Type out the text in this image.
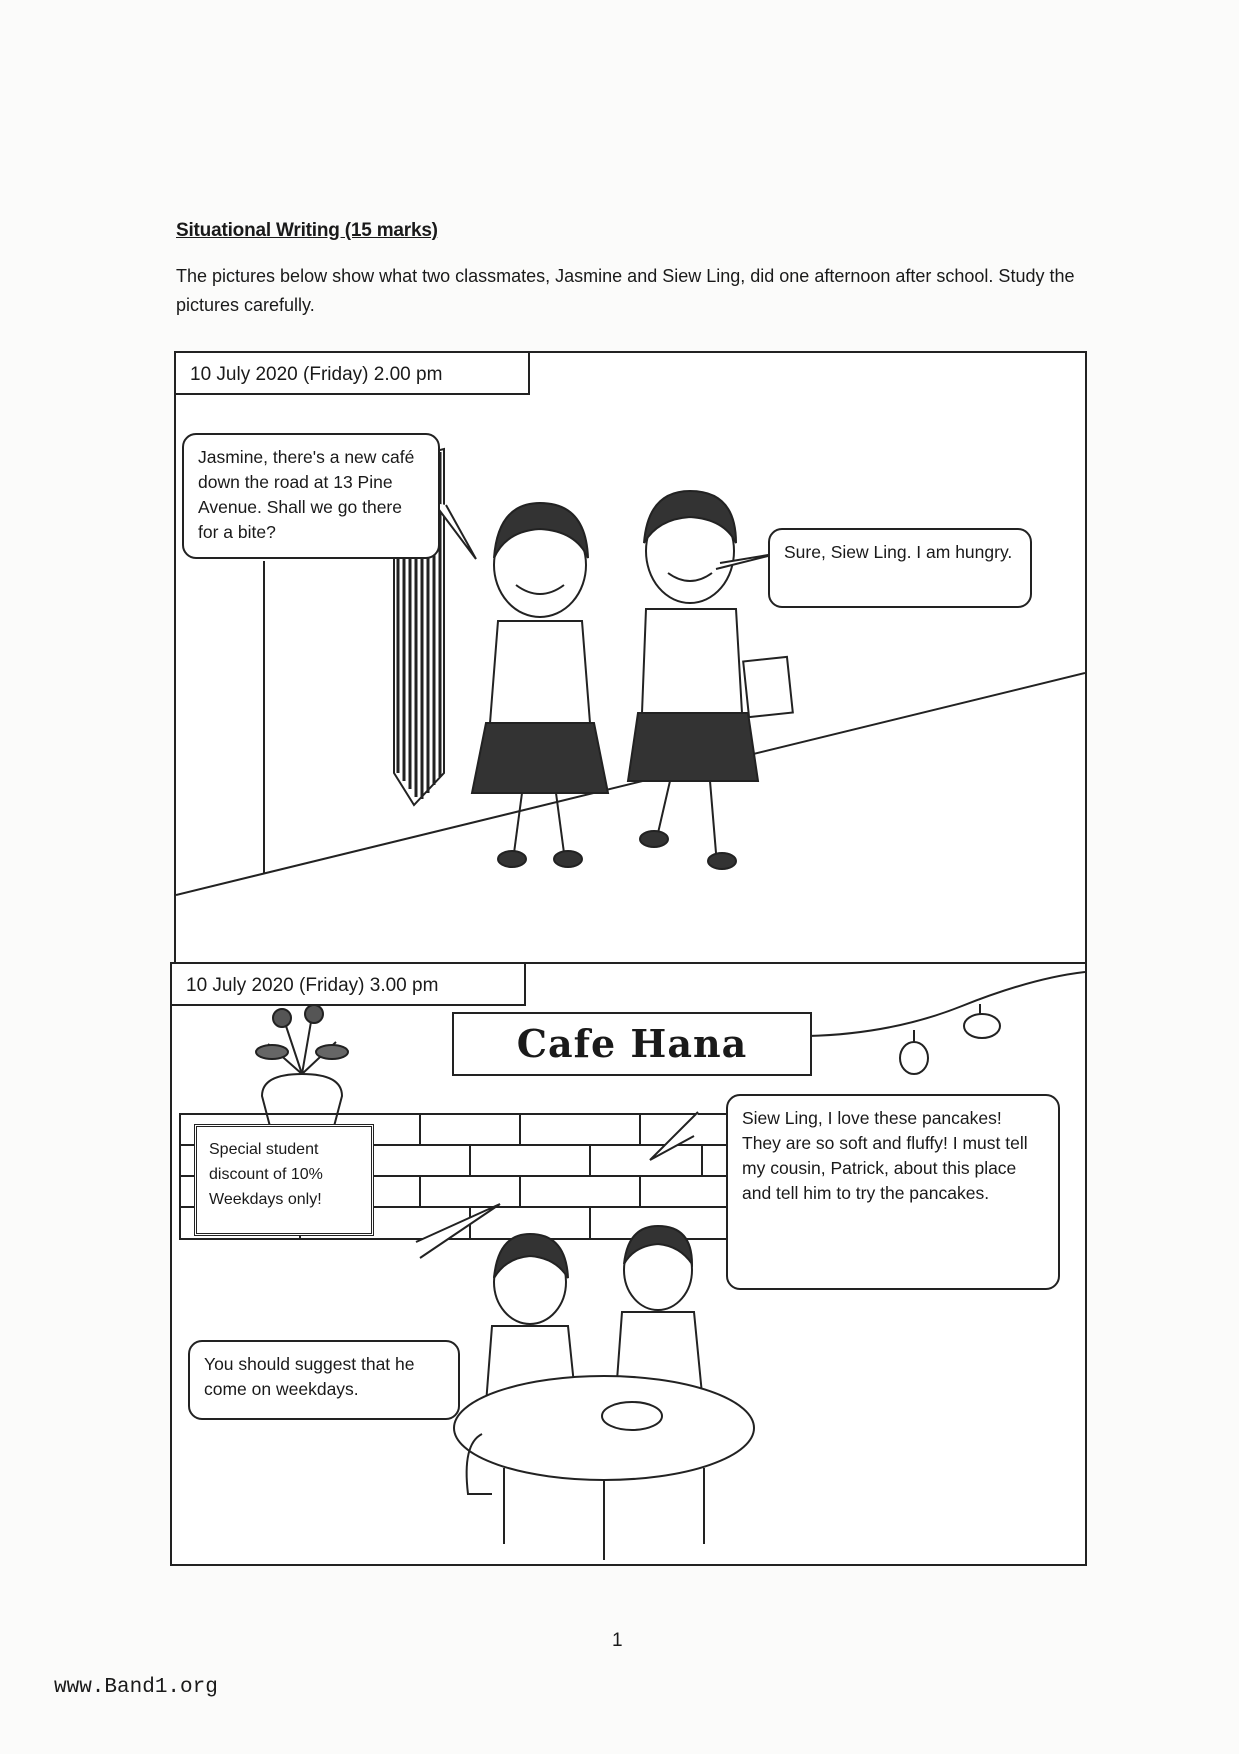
Situational Writing (15 marks)
The pictures below show what two classmates, Jasmine and Siew Ling, did one afternoon after school. Study the pictures carefully.
10 July 2020 (Friday) 2.00 pm
Jasmine, there's a new café down the road at 13 Pine Avenue. Shall we go there for a bite?
Sure, Siew Ling. I am hungry.
10 July 2020 (Friday) 3.00 pm
Cafe Hana
Special student discount of 10% Weekdays only!
Siew Ling, I love these pancakes! They are so soft and fluffy! I must tell my cousin, Patrick, about this place and tell him to try the pancakes.
You should suggest that he come on weekdays.
1
www.Band1.org
